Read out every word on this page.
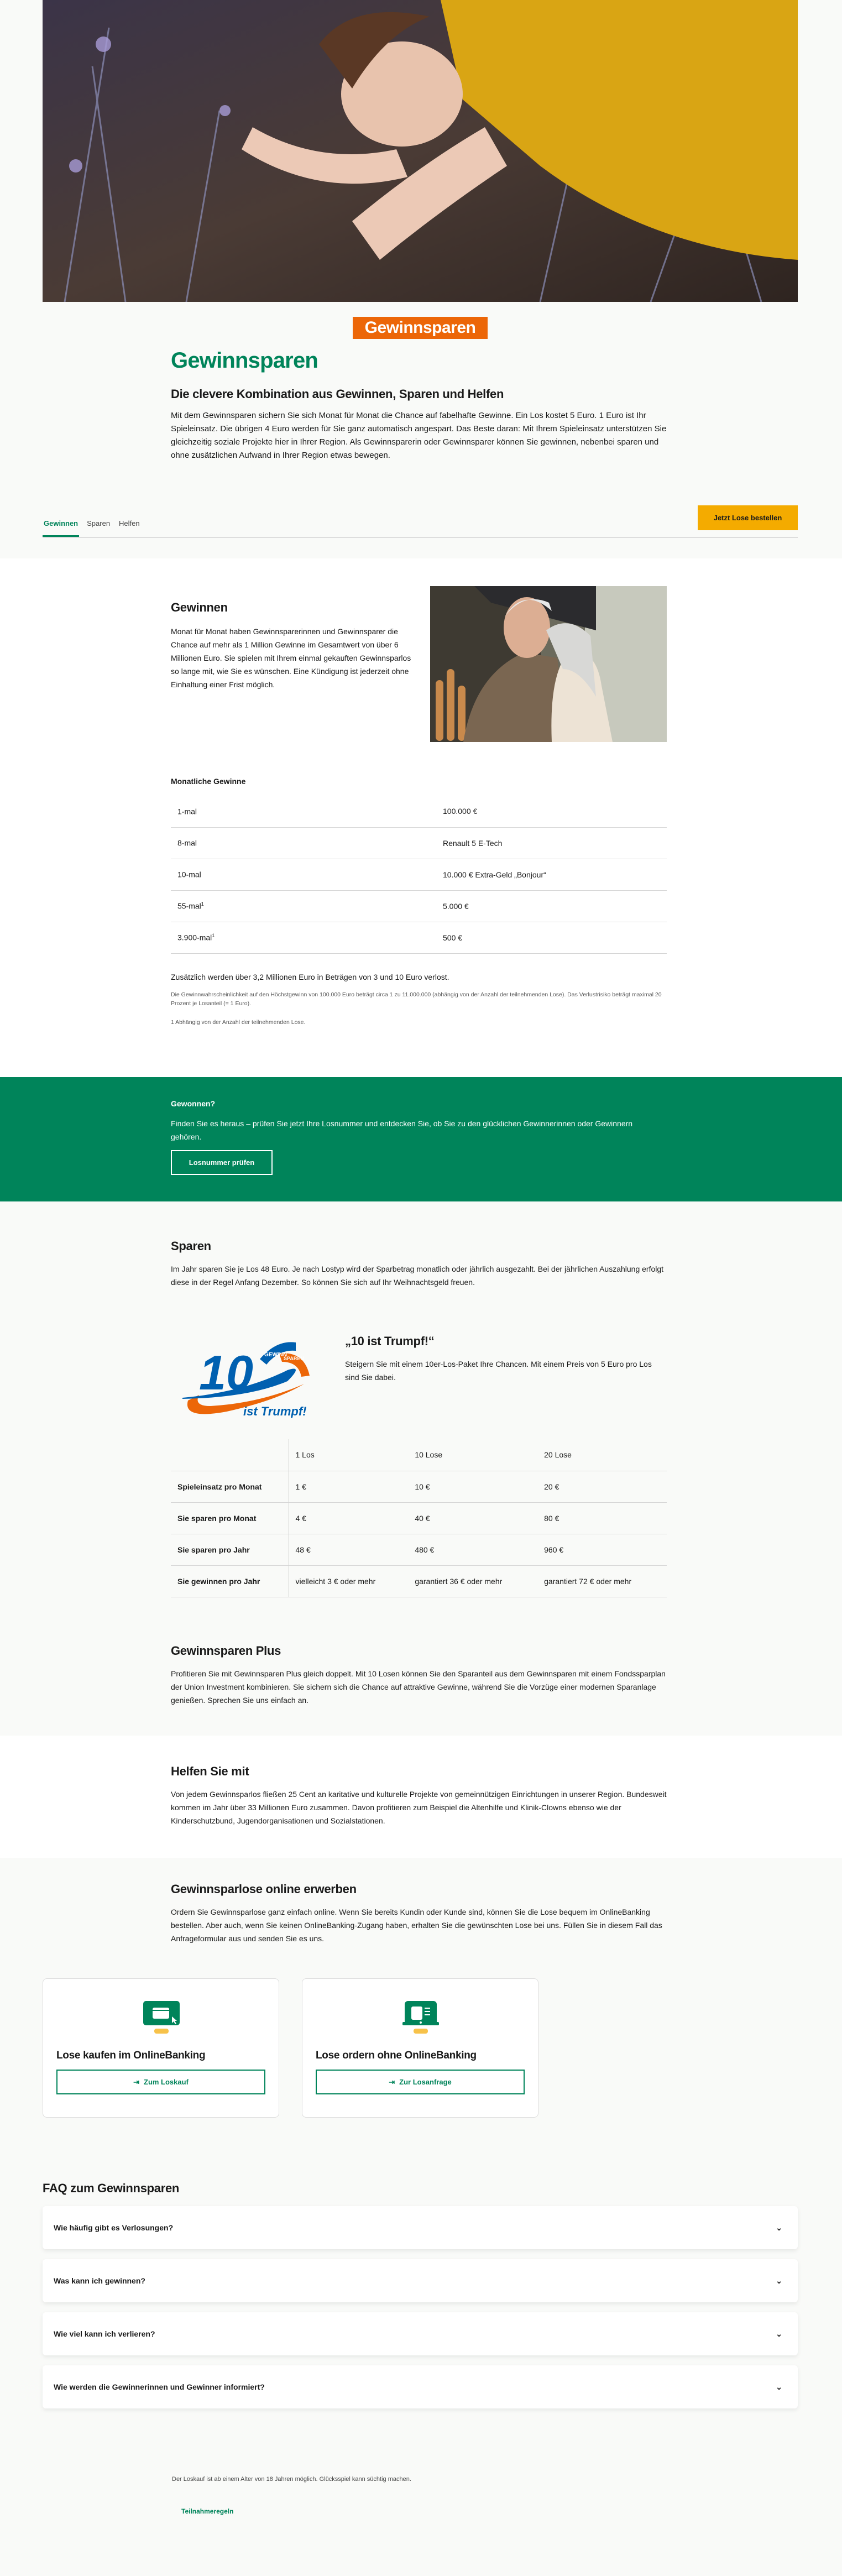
Gewinnsparen
Gewinnsparen
Die clevere Kombination aus Gewinnen, Sparen und Helfen

Mit dem Gewinnsparen sichern Sie sich Monat für Monat die Chance auf fabelhafte Gewinne. Ein Los kostet 5 Euro. 1 Euro ist Ihr Spieleinsatz. Die übrigen 4 Euro werden für Sie ganz automatisch angespart. Das Beste daran: Mit Ihrem Spieleinsatz unterstützen Sie gleichzeitig soziale Projekte hier in Ihrer Region. Als Gewinnsparerin oder Gewinnsparer können Sie gewinnen, nebenbei sparen und ohne zusätzlichen Aufwand in Ihrer Region etwas bewegen.

Gewinnen Sparen Helfen
Jetzt Lose bestellen
Gewinnen

Monat für Monat haben Gewinnsparerinnen und Gewinnsparer die Chance auf mehr als 1 Million Gewinne im Gesamtwert von über 6 Millionen Euro. Sie spielen mit Ihrem einmal gekauften Gewinnsparlos so lange mit, wie Sie es wünschen. Eine Kündigung ist jederzeit ohne Einhaltung einer Frist möglich.

Monatliche Gewinne
1-mal	100.000 €
8-mal	Renault 5 E-Tech
10-mal	10.000 € Extra-Geld „Bonjour“
55-mal$^1$	5.000 €
3.900-mal$^1$	500 €

Zusätzlich werden über 3,2 Millionen Euro in Beträgen von 3 und 10 Euro verlost.

Die Gewinnwahrscheinlichkeit auf den Höchstgewinn von 100.000 Euro beträgt circa 1 zu 11.000.000 (abhängig von der Anzahl der teilnehmenden Lose). Das Verlustrisiko beträgt maximal 20 Prozent je Losanteil (= 1 Euro).

1 Abhängig von der Anzahl der teilnehmenden Lose.

Gewonnen?

Finden Sie es heraus – prüfen Sie jetzt Ihre Losnummer und entdecken Sie, ob Sie zu den glücklichen Gewinnerinnen oder Gewinnern gehören.

Losnummer prüfen
Sparen

Im Jahr sparen Sie je Los 48 Euro. Je nach Lostyp wird der Sparbetrag monatlich oder jährlich ausgezahlt. Bei der jährlichen Auszahlung erfolgt diese in der Regel Anfang Dezember. So können Sie sich auf Ihr Weihnachtsgeld freuen.

10 GEWINN
SPAREN
ist Trumpf!
„10 ist Trumpf!“

Steigern Sie mit einem 10er-Los-Paket Ihre Chancen. Mit einem Preis von 5 Euro pro Los sind Sie dabei.

	1 Los	10 Lose	20 Lose
Spieleinsatz pro Monat	1 €	10 €	20 €
Sie sparen pro Monat	4 €	40 €	80 €
Sie sparen pro Jahr	48 €	480 €	960 €
Sie gewinnen pro Jahr	vielleicht 3 € oder mehr	garantiert 36 € oder mehr	garantiert 72 € oder mehr
Gewinnsparen Plus

Profitieren Sie mit Gewinnsparen Plus gleich doppelt. Mit 10 Losen können Sie den Sparanteil aus dem Gewinnsparen mit einem Fondssparplan der Union Investment kombinieren. Sie sichern sich die Chance auf attraktive Gewinne, während Sie die Vorzüge einer modernen Sparanlage genießen. Sprechen Sie uns einfach an.

Helfen Sie mit

Von jedem Gewinnsparlos fließen 25 Cent an karitative und kulturelle Projekte von gemeinnützigen Einrichtungen in unserer Region. Bundesweit kommen im Jahr über 33 Millionen Euro zusammen. Davon profitieren zum Beispiel die Altenhilfe und Klinik-Clowns ebenso wie der Kinderschutzbund, Jugendorganisationen und Sozialstationen.

Gewinnsparlose online erwerben

Ordern Sie Gewinnsparlose ganz einfach online. Wenn Sie bereits Kundin oder Kunde sind, können Sie die Lose bequem im OnlineBanking bestellen. Aber auch, wenn Sie keinen OnlineBanking-Zugang haben, erhalten Sie die gewünschten Lose bei uns. Füllen Sie in diesem Fall das Anfrageformular aus und senden Sie es uns.

Lose kaufen im OnlineBanking
⇥ Zum Loskauf
Lose ordern ohne OnlineBanking
⇥ Zur Losanfrage
FAQ zum Gewinnsparen
Wie häufig gibt es Verlosungen?	⌄
Was kann ich gewinnen?	⌄
Wie viel kann ich verlieren?	⌄
Wie werden die Gewinnerinnen und Gewinner informiert?	⌄

Der Loskauf ist ab einem Alter von 18 Jahren möglich. Glücksspiel kann süchtig machen.

Teilnahmeregeln
